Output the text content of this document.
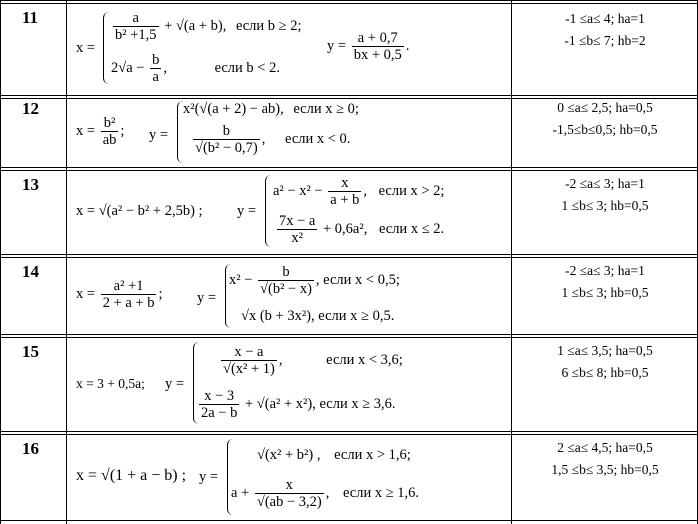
11
x =
$\frac{a}{\text{b² +1,5}} + √(a + b)$, если b ≥ 2;
$2√a - \frac{b}{a}$ ,	если b < 2.
$y = \frac{a + 0,7}{bx + 0,5}$ .
-1 ≤a≤ 4; ha=1
-1 ≤b≤ 7; hb=2
12
$x = \frac{\text{b²}}{ab}$ ; y =
x²(√(a + 2) − ab), если x ≥ 0;
$\frac{b}{\text{√(b² − 0,7)}}$ , если x < 0.
0 ≤a≤ 2,5; ha=0,5
-1,5≤b≤0,5; hb=0,5
13
x = √(a² − b² + 2,5b) ; y =
$a^2 - x^2 - \frac{x}{a + b}$ , если x > 2;
$\frac{7x - a}{\text{x²}} + 0,6a^2$, если x ≤ 2.
-2 ≤a≤ 3; ha=1
1 ≤b≤ 3; hb=0,5
14
$x = \frac{\text{a² +1}}{2 + a + b}$ ; y =
$x^2 - \frac{b}{\text{√(b² − x)}}$ , если x < 0,5;
√x (b + 3x²), если x ≥ 0,5.
-2 ≤a≤ 3; ha=1
1 ≤b≤ 3; hb=0,5
15
x = 3 + 0,5a; y =
$\frac{x - a}{\text{√(x² + 1)}}$ ,	если x < 3,6;
$\frac{x - 3}{2a - b} + √(a^2 + x^2)$, если x ≥ 3,6.
1 ≤a≤ 3,5; ha=0,5
6 ≤b≤ 8; hb=0,5
16
x = √(1 + a − b) ; y =
√(x² + b²) , если x > 1,6;
$a + \frac{x}{√(ab - 3,2)}$ , если x ≥ 1,6.
2 ≤a≤ 4,5; ha=0,5
1,5 ≤b≤ 3,5; hb=0,5
